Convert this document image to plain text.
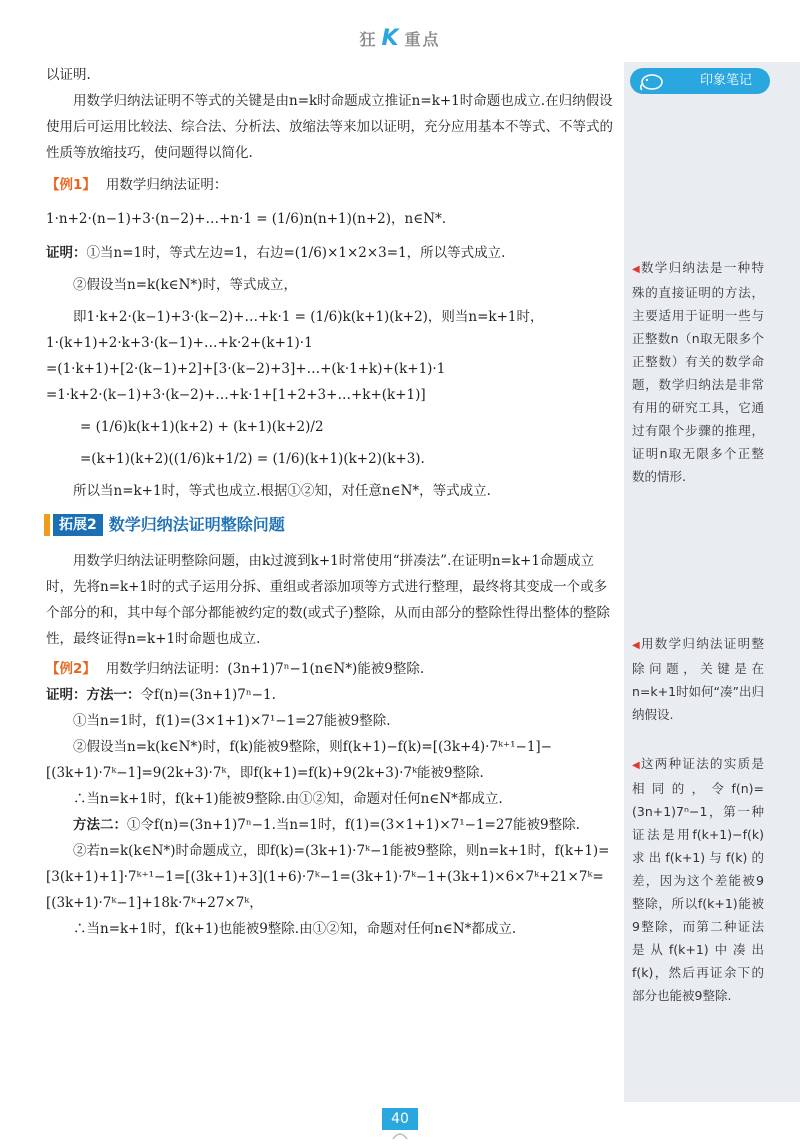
狂 K 重点
印象笔记
◀数学归纳法是一种特殊的直接证明的方法，主要适用于证明一些与正整数n（n取无限多个正整数）有关的数学命题，数学归纳法是非常有用的研究工具，它通过有限个步骤的推理，证明n取无限多个正整数的情形.
◀用数学归纳法证明整除问题，关键是在n=k+1时如何“凑”出归纳假设.
◀这两种证法的实质是相同的，令f(n)=(3n+1)7ⁿ−1，第一种证法是用f(k+1)−f(k)求出f(k+1)与f(k)的差，因为这个差能被9整除，所以f(k+1)能被9整除，而第二种证法是从f(k+1)中凑出f(k)，然后再证余下的部分也能被9整除.

以证明.

用数学归纳法证明不等式的关键是由n=k时命题成立推证n=k+1时命题也成立.在归纳假设使用后可运用比较法、综合法、分析法、放缩法等来加以证明，充分应用基本不等式、不等式的性质等放缩技巧，使问题得以简化.

【例1】 用数学归纳法证明：

1·n+2·(n−1)+3·(n−2)+…+n·1 = (1/6)n(n+1)(n+2)，n∈N*.

证明：①当n=1时，等式左边=1，右边=(1/6)×1×2×3=1，所以等式成立.

②假设当n=k(k∈N*)时，等式成立，

即1·k+2·(k−1)+3·(k−2)+…+k·1 = (1/6)k(k+1)(k+2)，则当n=k+1时，

1·(k+1)+2·k+3·(k−1)+…+k·2+(k+1)·1

=(1·k+1)+[2·(k−1)+2]+[3·(k−2)+3]+…+(k·1+k)+(k+1)·1

=1·k+2·(k−1)+3·(k−2)+…+k·1+[1+2+3+…+k+(k+1)]

= (1/6)k(k+1)(k+2) + (k+1)(k+2)/2

=(k+1)(k+2)((1/6)k+1/2) = (1/6)(k+1)(k+2)(k+3).

所以当n=k+1时，等式也成立.根据①②知，对任意n∈N*，等式成立.

拓展2 数学归纳法证明整除问题

用数学归纳法证明整除问题，由k过渡到k+1时常使用“拼凑法”.在证明n=k+1命题成立时，先将n=k+1时的式子运用分拆、重组或者添加项等方式进行整理，最终将其变成一个或多个部分的和，其中每个部分都能被约定的数(或式子)整除，从而由部分的整除性得出整体的整除性，最终证得n=k+1时命题也成立.

【例2】 用数学归纳法证明：(3n+1)7ⁿ−1(n∈N*)能被9整除.

证明：方法一：令f(n)=(3n+1)7ⁿ−1.

①当n=1时，f(1)=(3×1+1)×7¹−1=27能被9整除.

②假设当n=k(k∈N*)时，f(k)能被9整除，则f(k+1)−f(k)=[(3k+4)·7ᵏ⁺¹−1]−[(3k+1)·7ᵏ−1]=9(2k+3)·7ᵏ，即f(k+1)=f(k)+9(2k+3)·7ᵏ能被9整除.

∴当n=k+1时，f(k+1)能被9整除.由①②知，命题对任何n∈N*都成立.

方法二：①令f(n)=(3n+1)7ⁿ−1.当n=1时，f(1)=(3×1+1)×7¹−1=27能被9整除.

②若n=k(k∈N*)时命题成立，即f(k)=(3k+1)·7ᵏ−1能被9整除，则n=k+1时，f(k+1)=[3(k+1)+1]·7ᵏ⁺¹−1=[(3k+1)+3](1+6)·7ᵏ−1=(3k+1)·7ᵏ−1+(3k+1)×6×7ᵏ+21×7ᵏ=[(3k+1)·7ᵏ−1]+18k·7ᵏ+27×7ᵏ，

∴当n=k+1时，f(k+1)也能被9整除.由①②知，命题对任何n∈N*都成立.

40
